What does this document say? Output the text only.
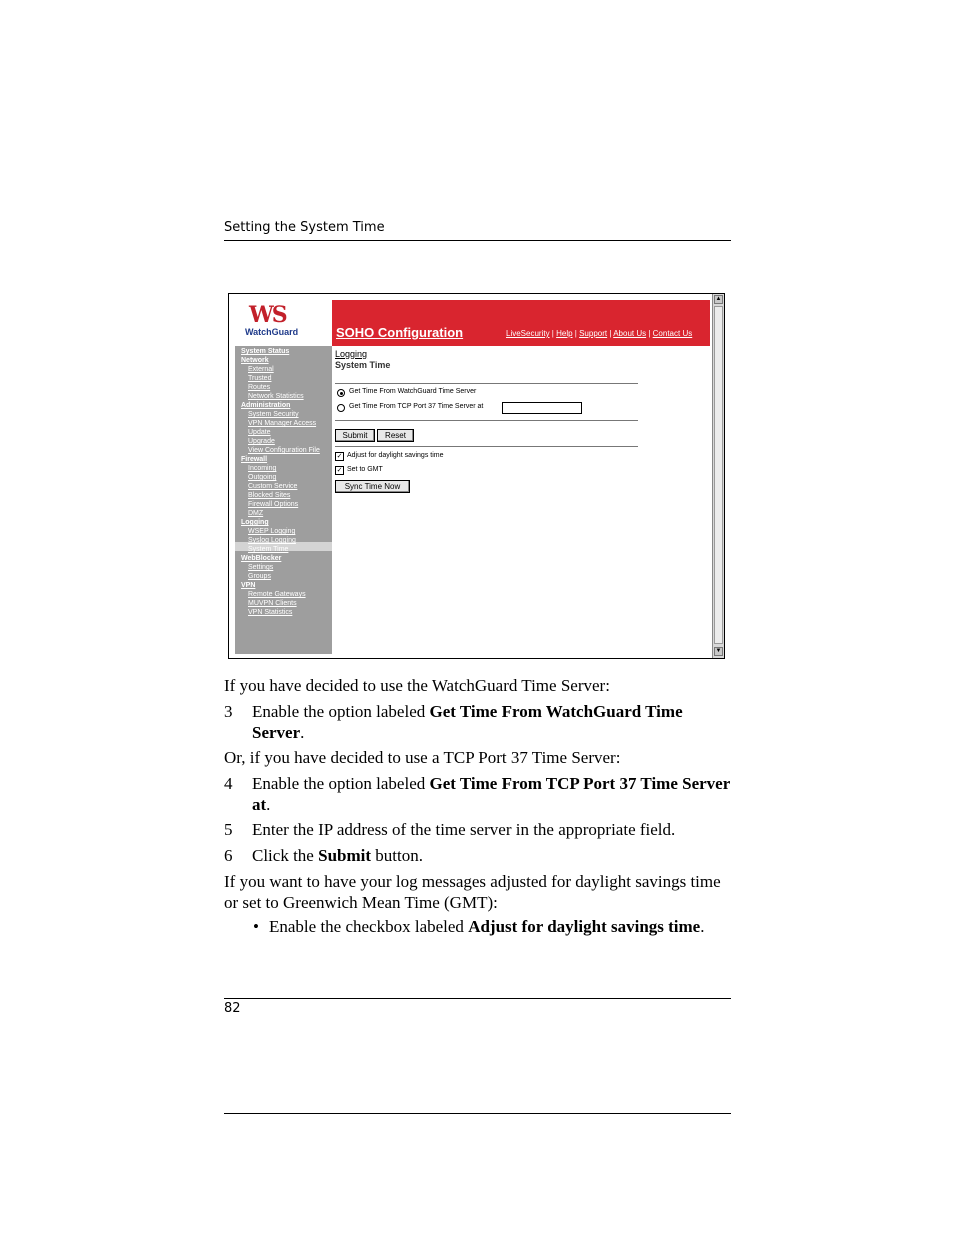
Setting the System Time
WS
WatchGuard	SOHO Configuration	LiveSecurity | Help | Support | About Us | Contact Us
System Status
Network
External
Trusted
Routes
Network Statistics
Administration
System Security
VPN Manager Access
Update
Upgrade
View Configuration File
Firewall
Incoming
Outgoing
Custom Service
Blocked Sites
Firewall Options
DMZ
Logging
WSEP Logging
Syslog Logging
System Time
WebBlocker
Settings
Groups
VPN
Remote Gateways
MUVPN Clients
VPN Statistics
Logging
System Time
Get Time From WatchGuard Time Server
Get Time From TCP Port 37 Time Server at
Submit	Reset
✓ Adjust for daylight savings time
✓ Set to GMT
Sync Time Now
▲
▼
If you have decided to use the WatchGuard Time Server:
3 Enable the option labeled Get Time From WatchGuard Time Server.
Or, if you have decided to use a TCP Port 37 Time Server:
4 Enable the option labeled Get Time From TCP Port 37 Time Server at.
5 Enter the IP address of the time server in the appropriate field.
6 Click the Submit button.
If you want to have your log messages adjusted for daylight savings time or set to Greenwich Mean Time (GMT):
• Enable the checkbox labeled Adjust for daylight savings time.
82
